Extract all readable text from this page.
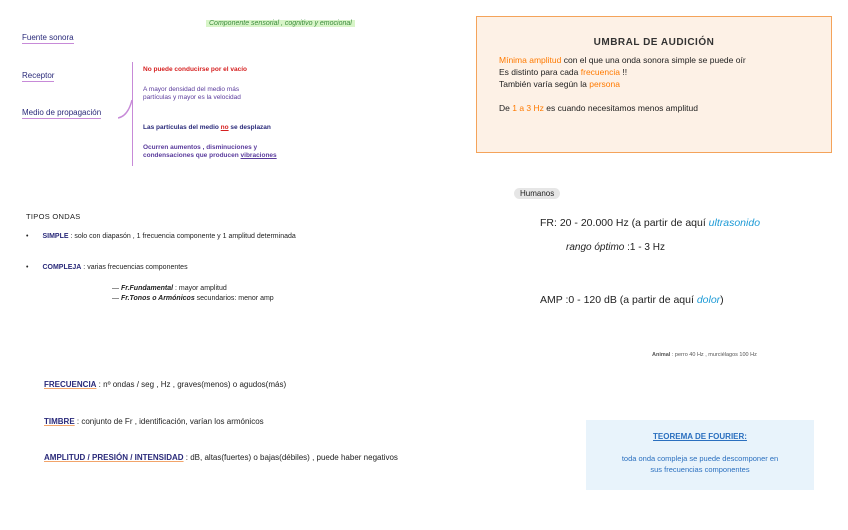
Componente sensorial , cognitivo y emocional
Fuente sonora
Receptor
Medio de propagación
No puede conducirse por el vacío
A mayor densidad del medio más
partículas y mayor es la velocidad
Las partículas del medio no se desplazan
Ocurren aumentos , disminuciones y
condensaciones que producen vibraciones
UMBRAL DE AUDICIÓN
Mínima amplitud con el que una onda sonora simple se puede oír
Es distinto para cada frecuencia !!
También varía según la persona
De 1 a 3 Hz es cuando necesitamos menos amplitud
TIPOS ONDAS
• SIMPLE : solo con diapasón , 1 frecuencia componente y 1 amplitud determinada
• COMPLEJA : varias frecuencias componentes
— Fr.Fundamental : mayor amplitud
— Fr.Tonos o Armónicos secundarios: menor amp
Humanos
FR: 20 - 20.000 Hz (a partir de aquí ultrasonido
rango óptimo :1 - 3 Hz
AMP :0 - 120 dB (a partir de aquí dolor)
Animal : perro 40 Hz , murciélagos 100 Hz
FRECUENCIA : nº ondas / seg , Hz , graves(menos) o agudos(más)
TIMBRE : conjunto de Fr , identificación, varían los armónicos
AMPLITUD / PRESIÓN / INTENSIDAD : dB, altas(fuertes) o bajas(débiles) , puede haber negativos
TEOREMA DE FOURIER:
toda onda compleja se puede descomponer en
sus frecuencias componentes
